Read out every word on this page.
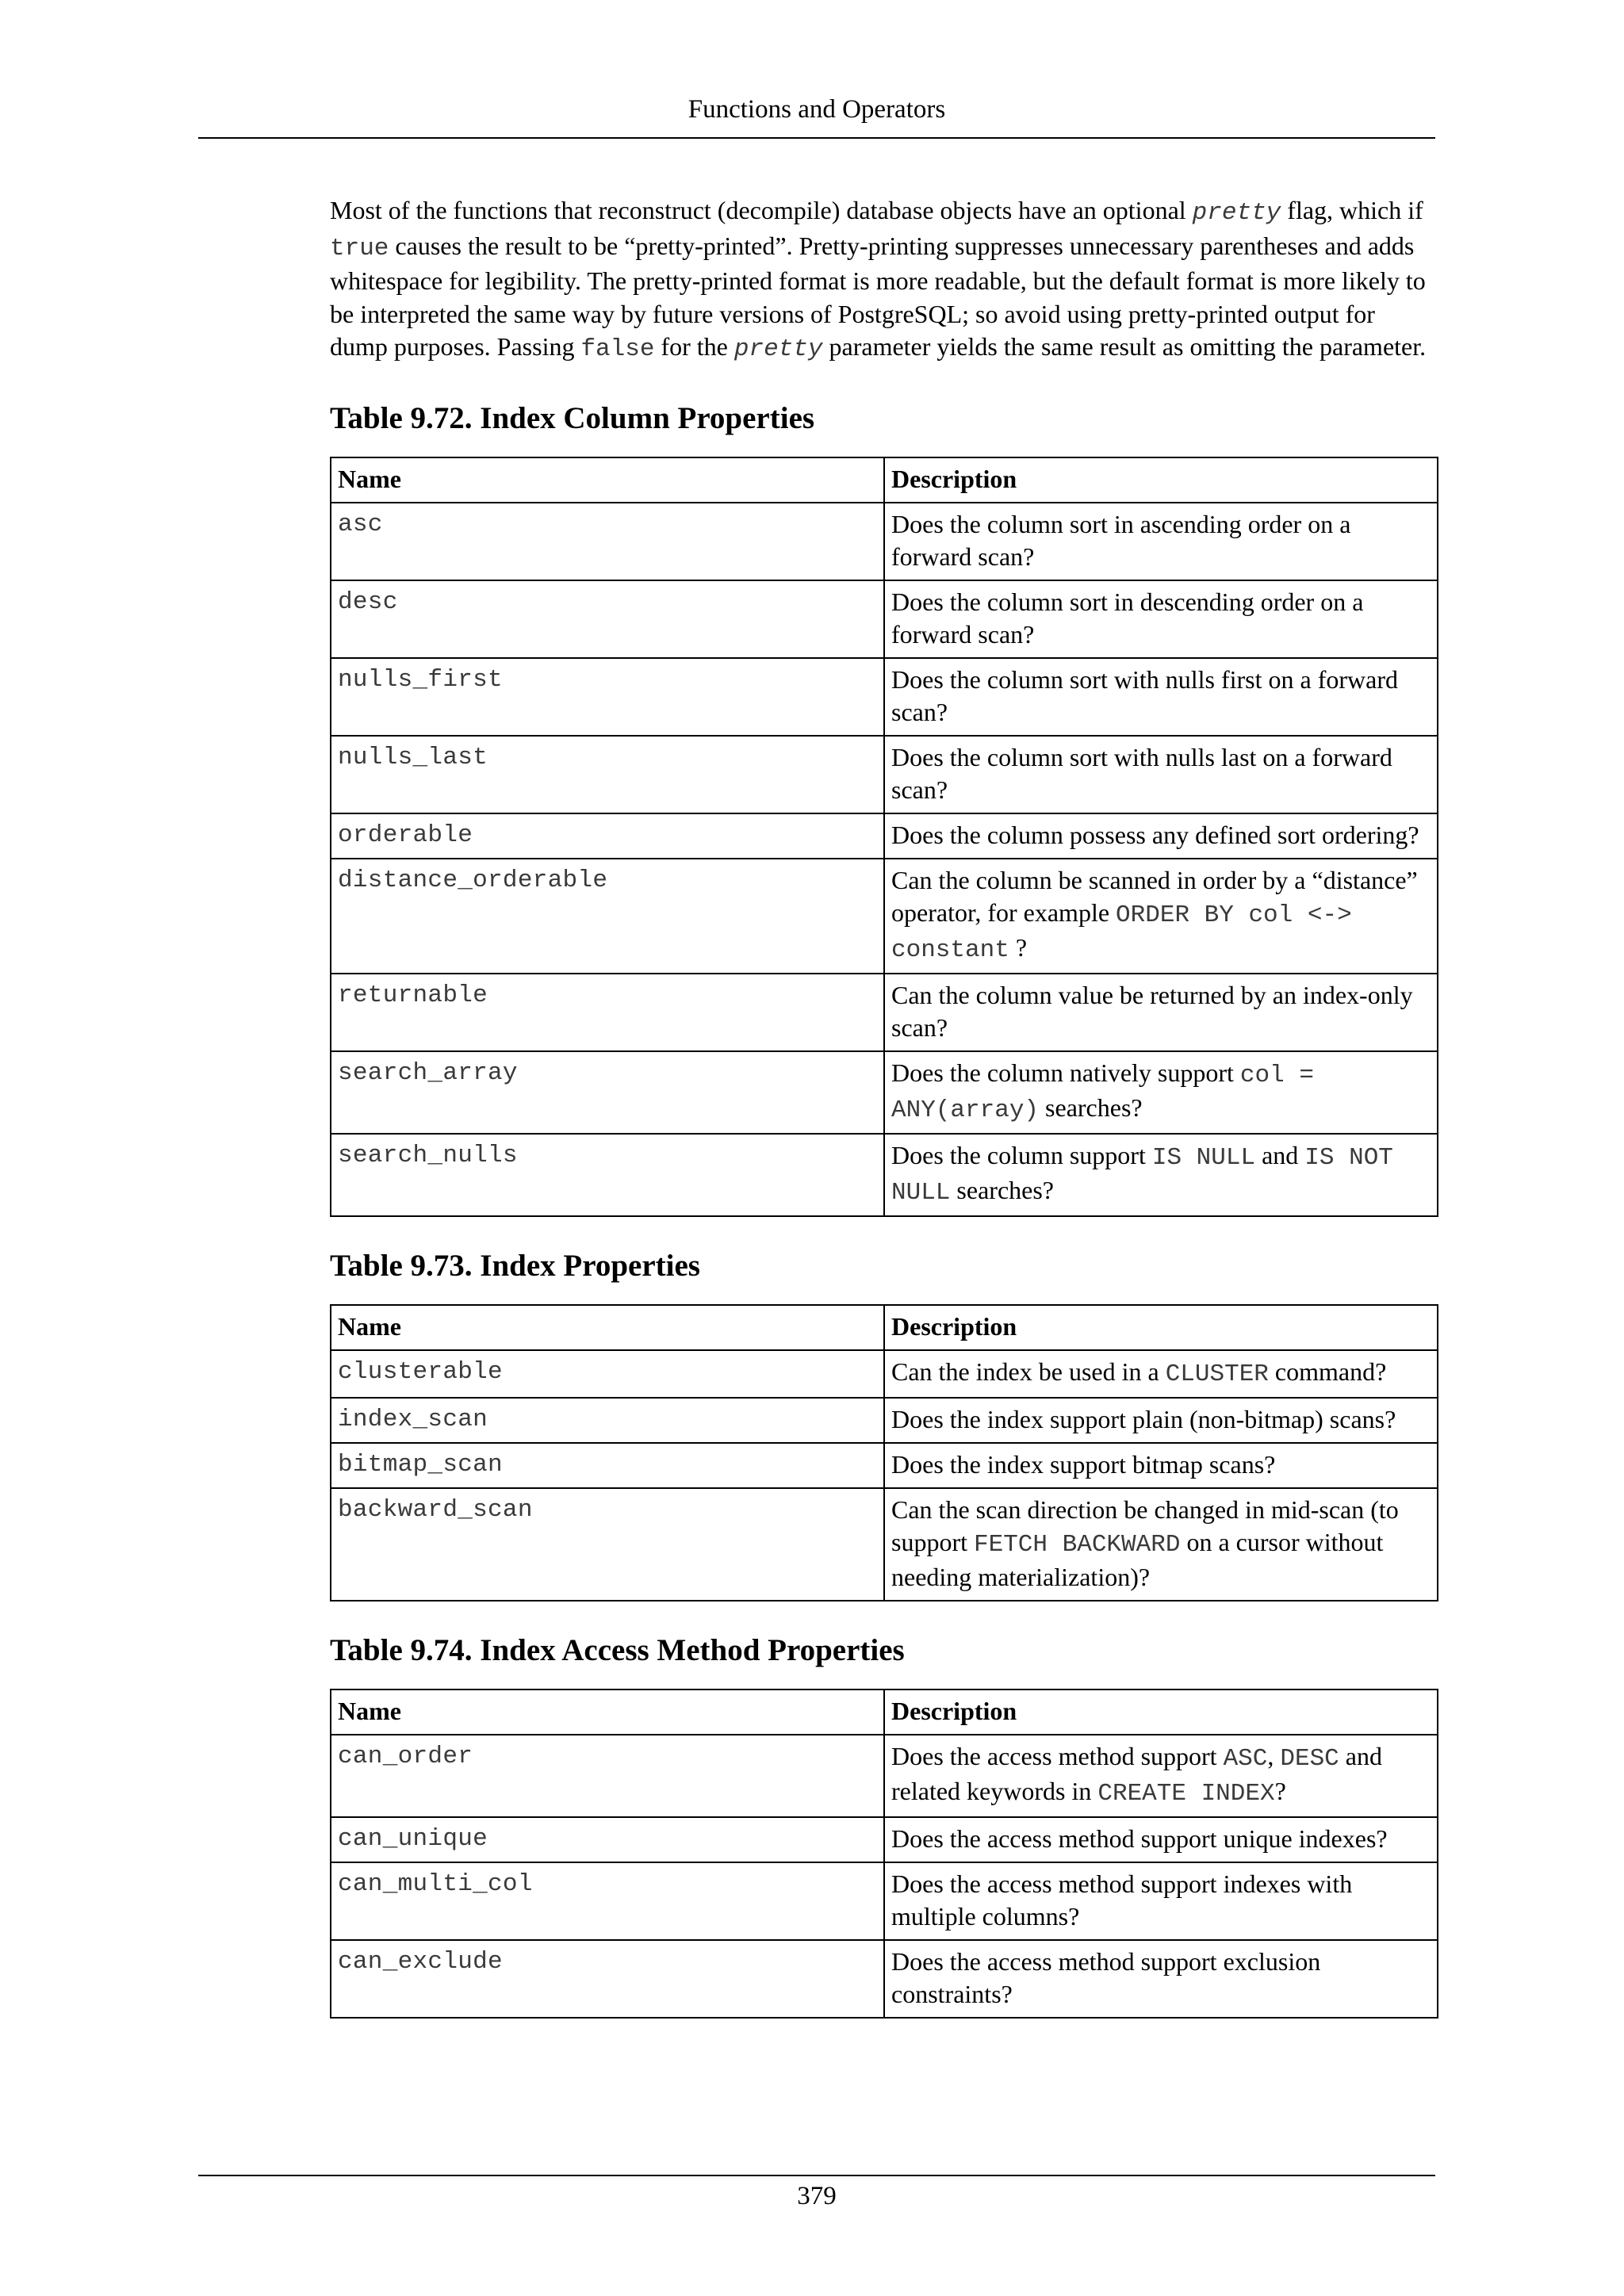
Functions and Operators

Most of the functions that reconstruct (decompile) database objects have an optional pretty flag, which if true causes the result to be “pretty-printed”. Pretty-printing suppresses unnecessary parentheses and adds whitespace for legibility. The pretty-printed format is more readable, but the default format is more likely to be interpreted the same way by future versions of PostgreSQL; so avoid using pretty-printed output for dump purposes. Passing false for the pretty parameter yields the same result as omitting the parameter.

Table 9.72. Index Column Properties
Name	Description
asc	Does the column sort in ascending order on a forward scan?
desc	Does the column sort in descending order on a forward scan?
nulls_first	Does the column sort with nulls first on a forward scan?
nulls_last	Does the column sort with nulls last on a forward scan?
orderable	Does the column possess any defined sort ordering?
distance_orderable	Can the column be scanned in order by a “distance” operator, for example ORDER BY col <-> constant ?
returnable	Can the column value be returned by an index-only scan?
search_array	Does the column natively support col = ANY(array) searches?
search_nulls	Does the column support IS NULL and IS NOT NULL searches?
Table 9.73. Index Properties
Name	Description
clusterable	Can the index be used in a CLUSTER command?
index_scan	Does the index support plain (non-bitmap) scans?
bitmap_scan	Does the index support bitmap scans?
backward_scan	Can the scan direction be changed in mid-scan (to support FETCH BACKWARD on a cursor without needing materialization)?
Table 9.74. Index Access Method Properties
Name	Description
can_order	Does the access method support ASC, DESC and related keywords in CREATE INDEX?
can_unique	Does the access method support unique indexes?
can_multi_col	Does the access method support indexes with multiple columns?
can_exclude	Does the access method support exclusion constraints?
379
